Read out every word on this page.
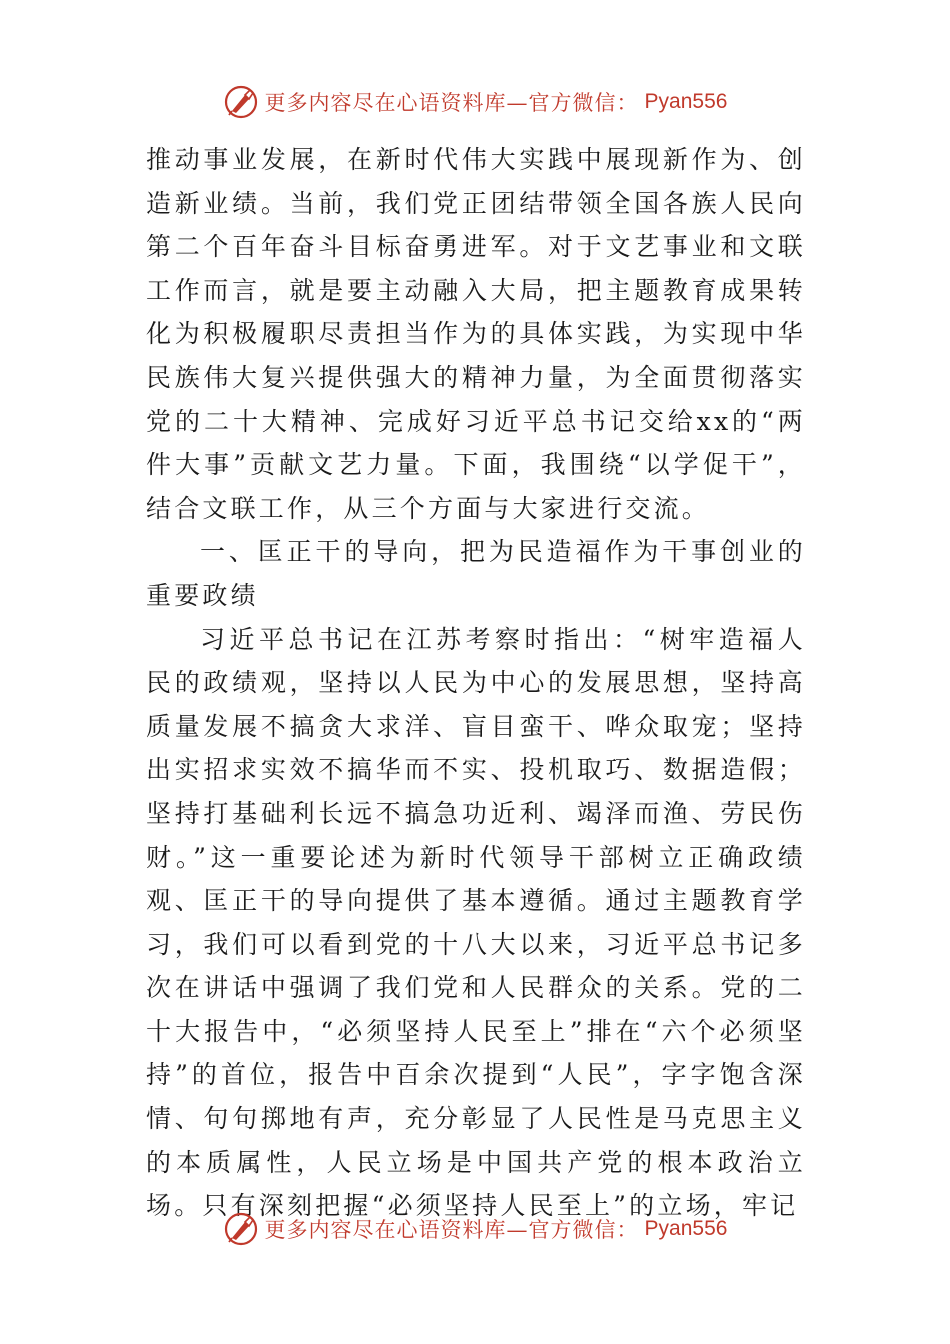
更多内容尽在心语资料库—官方微信： Pyan556

推动事业发展，在新时代伟大实践中展现新作为、创造新业绩。当前，我们党正团结带领全国各族人民向第二个百年奋斗目标奋勇进军。对于文艺事业和文联工作而言，就是要主动融入大局，把主题教育成果转化为积极履职尽责担当作为的具体实践，为实现中华民族伟大复兴提供强大的精神力量，为全面贯彻落实党的二十大精神、完成好习近平总书记交给xx的“两件大事”贡献文艺力量。下面，我围绕“以学促干”，结合文联工作，从三个方面与大家进行交流。

一、匡正干的导向，把为民造福作为干事创业的重要政绩

习近平总书记在江苏考察时指出：“树牢造福人民的政绩观，坚持以人民为中心的发展思想，坚持高质量发展不搞贪大求洋、盲目蛮干、哗众取宠；坚持出实招求实效不搞华而不实、投机取巧、数据造假；坚持打基础利长远不搞急功近利、竭泽而渔、劳民伤财。”这一重要论述为新时代领导干部树立正确政绩观、匡正干的导向提供了基本遵循。通过主题教育学习，我们可以看到党的十八大以来，习近平总书记多次在讲话中强调了我们党和人民群众的关系。党的二十大报告中，“必须坚持人民至上”排在“六个必须坚持”的首位，报告中百余次提到“人民”，字字饱含深情、句句掷地有声，充分彰显了人民性是马克思主义的本质属性，人民立场是中国共产党的根本政治立场。只有深刻把握“必须坚持人民至上”的立场，牢记

更多内容尽在心语资料库—官方微信： Pyan556
